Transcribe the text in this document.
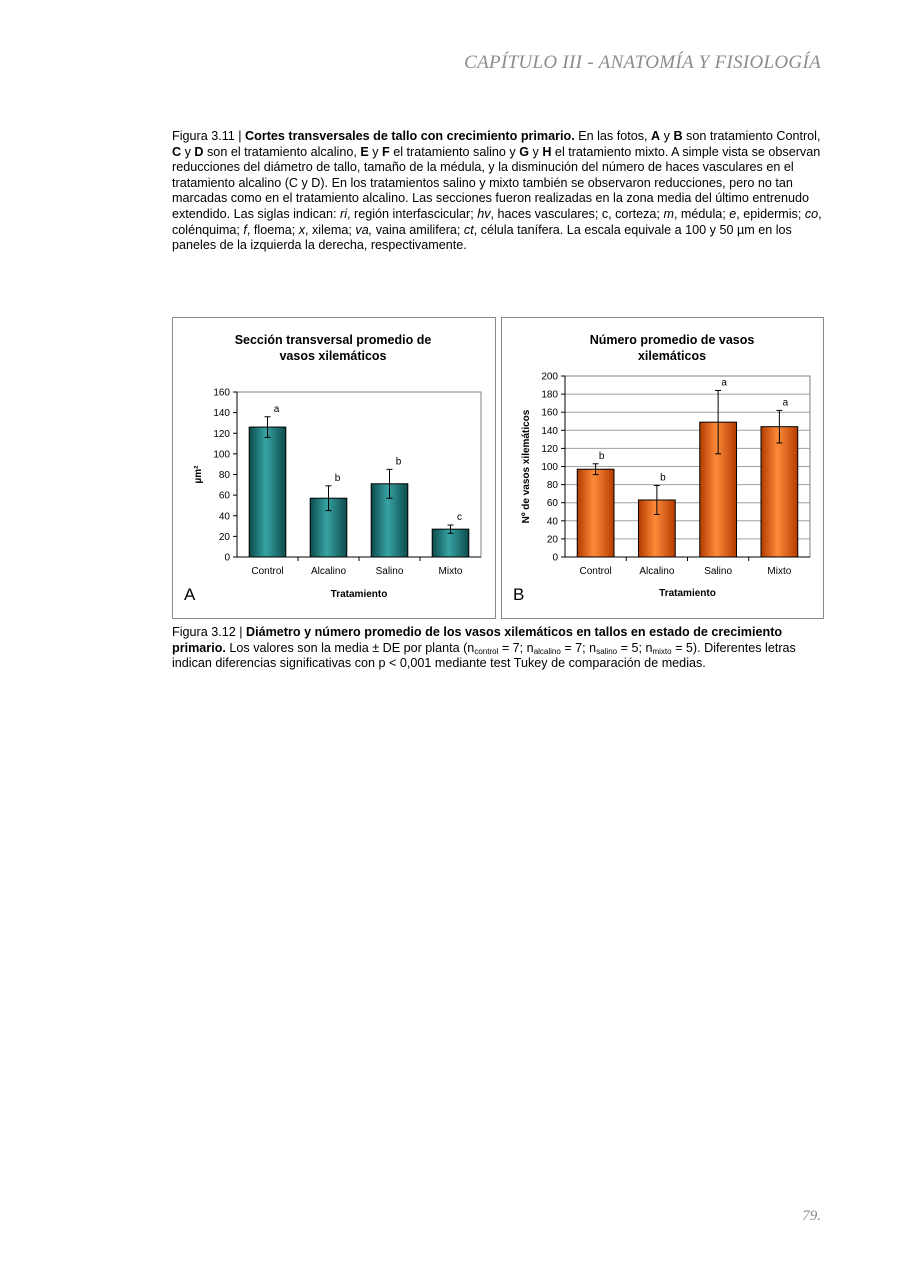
CAPÍTULO III - ANATOMÍA Y FISIOLOGÍA
Figura 3.11 | Cortes transversales de tallo con crecimiento primario. En las fotos, A y B son tratamiento Control, C y D son el tratamiento alcalino, E y F el tratamiento salino y G y H el tratamiento mixto. A simple vista se observan reducciones del diámetro de tallo, tamaño de la médula, y la disminución del número de haces vasculares en el tratamiento alcalino (C y D). En los tratamientos salino y mixto también se observaron reducciones, pero no tan marcadas como en el tratamiento alcalino. Las secciones fueron realizadas en la zona media del último entrenudo extendido. Las siglas indican: ri, región interfascicular; hv, haces vasculares; c, corteza; m, médula; e, epidermis; co, colénquima; f, floema; x, xilema; va, vaina amilifera; ct, célula tanífera. La escala equivale a 100 y 50 µm en los paneles de la izquierda la derecha, respectivamente.
Sección transversal promedio de
vasos xilemáticos
0
20
40
60
80
100
120
140
160
a
Control
b
Alcalino
b
Salino
c
Mixto
Tratamiento
µm²
A
Número promedio de vasos
xilemáticos
0
20
40
60
80
100
120
140
160
180
200
b
Control
b
Alcalino
a
Salino
a
Mixto
Tratamiento
Nº de vasos xilemáticos
B
Figura 3.12 | Diámetro y número promedio de los vasos xilemáticos en tallos en estado de crecimiento primario. Los valores son la media ± DE por planta ($n_{control} = 7$; $n_{alcalino} = 7$; $n_{salino} = 5$; $n_{mixto} = 5$). Diferentes letras indican diferencias significativas con p < 0,001 mediante test Tukey de comparación de medias.
79.
